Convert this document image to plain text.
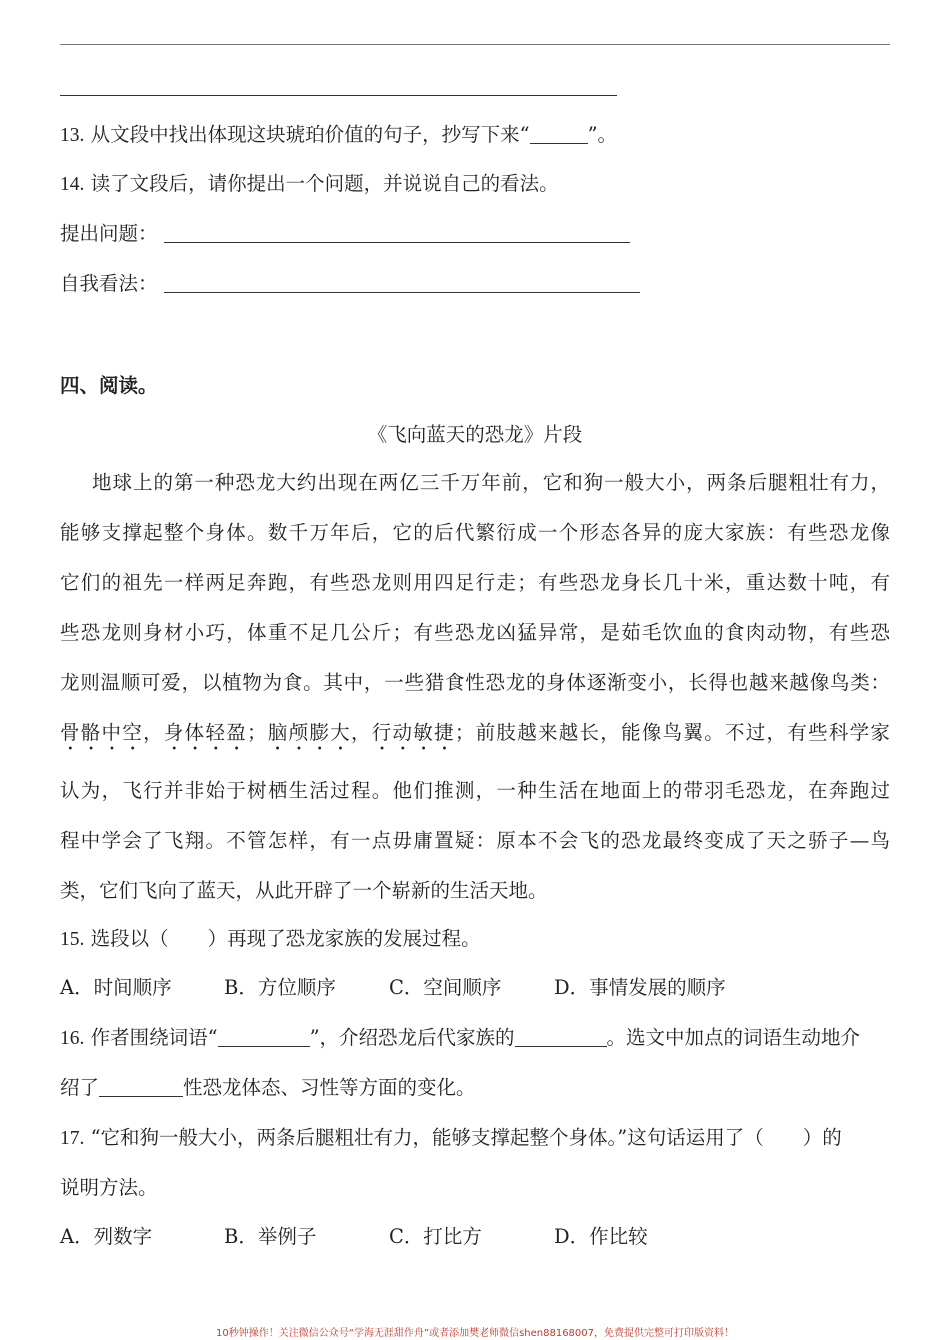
13. 从文段中找出体现这块琥珀价值的句子，抄写下来“	”。
14. 读了文段后，请你提出一个问题，并说说自己的看法。
提出问题：
自我看法：
四、阅读。
《飞向蓝天的恐龙》片段
地球上的第一种恐龙大约出现在两亿三千万年前，它和狗一般大小，两条后腿粗壮有力，
能够支撑起整个身体。数千万年后，它的后代繁衍成一个形态各异的庞大家族：有些恐龙像
它们的祖先一样两足奔跑，有些恐龙则用四足行走；有些恐龙身长几十米，重达数十吨，有
些恐龙则身材小巧，体重不足几公斤；有些恐龙凶猛异常，是茹毛饮血的食肉动物，有些恐
龙则温顺可爱，以植物为食。其中，一些猎食性恐龙的身体逐渐变小，长得也越来越像鸟类：
骨骼中空，身体轻盈；脑颅膨大，行动敏捷；前肢越来越长，能像鸟翼。不过，有些科学家
认为，飞行并非始于树栖生活过程。他们推测，一种生活在地面上的带羽毛恐龙，在奔跑过
程中学会了飞翔。不管怎样，有一点毋庸置疑：原本不会飞的恐龙最终变成了天之骄子—鸟
类，它们飞向了蓝天，从此开辟了一个崭新的生活天地。
15. 选段以（　　）再现了恐龙家族的发展过程。
A．时间顺序	B．方位顺序	C．空间顺序	D．事情发展的顺序
16. 作者围绕词语“	”，介绍恐龙后代家族的	。选文中加点的词语生动地介
绍了	性恐龙体态、习性等方面的变化。
17. “它和狗一般大小，两条后腿粗壮有力，能够支撑起整个身体。”这句话运用了（　　）的
说明方法。
A．列数字	B．举例子	C．打比方	D．作比较
10秒钟操作！关注微信公众号“学海无涯甜作舟”或者添加樊老师微信shen88168007，免费提供完整可打印版资料！
